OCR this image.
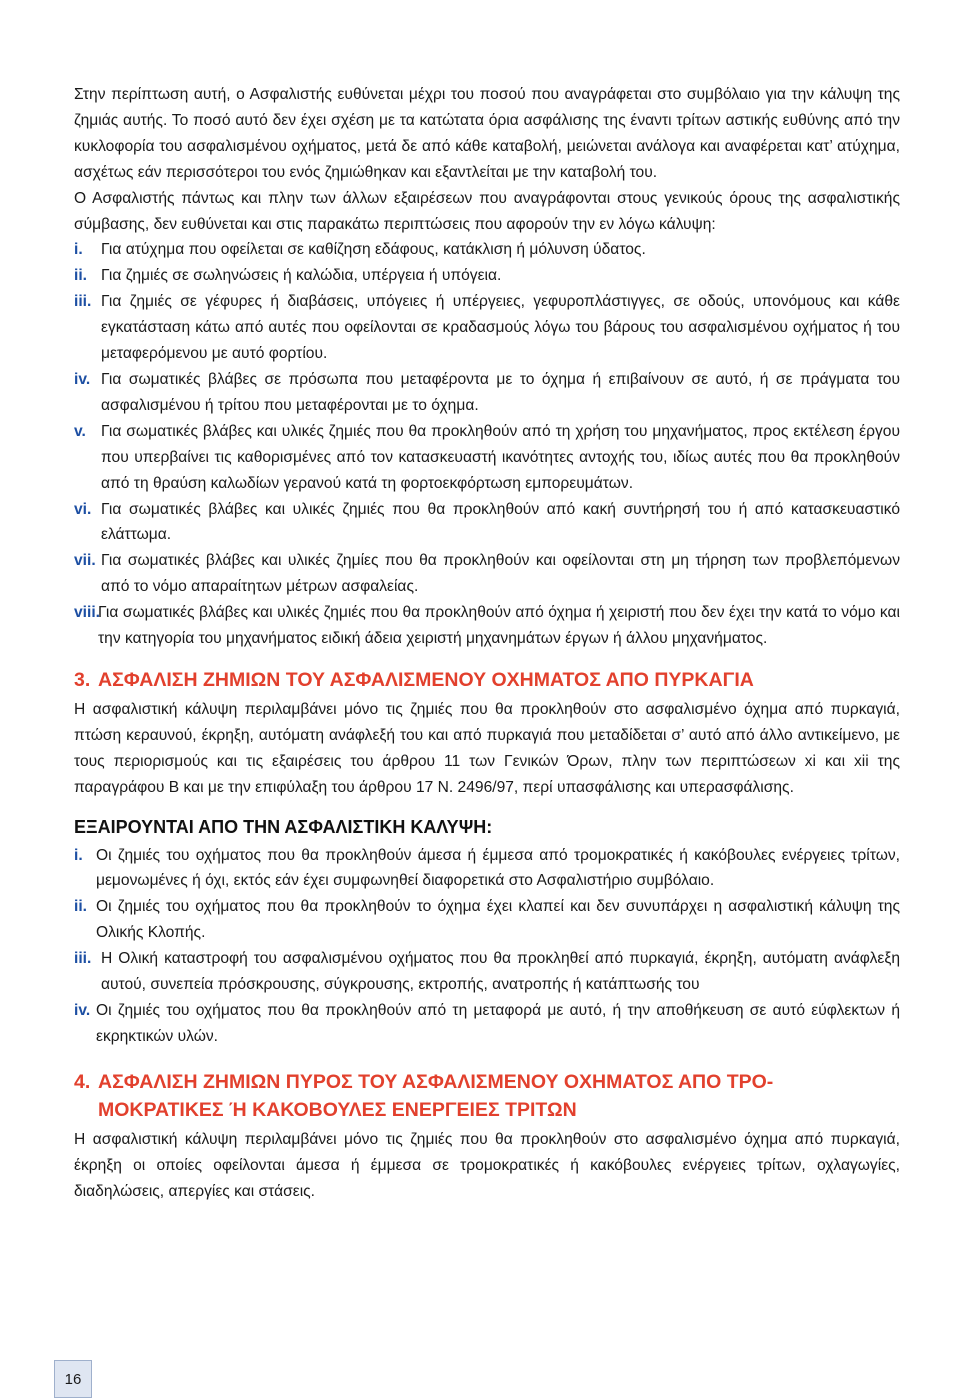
Στην περίπτωση αυτή, ο Ασφαλιστής ευθύνεται μέχρι του ποσού που αναγράφεται στο συμβόλαιο για την κάλυψη της ζημιάς αυτής. Το ποσό αυτό δεν έχει σχέση με τα κατώτατα όρια ασφάλισης της έναντι τρίτων αστικής ευθύνης από την κυκλοφορία του ασφαλισμένου οχήματος, μετά δε από κάθε καταβολή, μειώνεται ανάλογα και αναφέρεται κατ’ ατύχημα, ασχέτως εάν περισσότεροι του ενός ζημιώθηκαν και εξαντλείται με την καταβολή του.

Ο Ασφαλιστής πάντως και πλην των άλλων εξαιρέσεων που αναγράφονται στους γενικούς όρους της ασφαλιστικής σύμβασης, δεν ευθύνεται και στις παρακάτω περιπτώσεις που αφορούν την εν λόγω κάλυψη:

i. Για ατύχημα που οφείλεται σε καθίζηση εδάφους, κατάκλιση ή μόλυνση ύδατος.

ii. Για ζημιές σε σωληνώσεις ή καλώδια, υπέργεια ή υπόγεια.

iii. Για ζημιές σε γέφυρες ή διαβάσεις, υπόγειες ή υπέργειες, γεφυροπλάστιγγες, σε οδούς, υπονόμους και κάθε εγκατάσταση κάτω από αυτές που οφείλονται σε κραδασμούς λόγω του βάρους του ασφαλισμένου οχήματος ή του μεταφερόμενου με αυτό φορτίου.

iv. Για σωματικές βλάβες σε πρόσωπα που μεταφέροντα με το όχημα ή επιβαίνουν σε αυτό, ή σε πράγματα του ασφαλισμένου ή τρίτου που μεταφέρονται με το όχημα.

v. Για σωματικές βλάβες και υλικές ζημιές που θα προκληθούν από τη χρήση του μηχανήματος, προς εκτέλεση έργου που υπερβαίνει τις καθορισμένες από τον κατασκευαστή ικανότητες αντοχής του, ιδίως αυτές που θα προκληθούν από τη θραύση καλωδίων γερανού κατά τη φορτοεκφόρτωση εμπορευμάτων.

vi. Για σωματικές βλάβες και υλικές ζημιές που θα προκληθούν από κακή συντήρησή του ή από κατασκευαστικό ελάττωμα.

vii. Για σωματικές βλάβες και υλικές ζημίες που θα προκληθούν και οφείλονται στη μη τήρηση των προβλεπόμενων από το νόμο απαραίτητων μέτρων ασφαλείας.

viii.
Για σωματικές βλάβες και υλικές ζημιές που θα προκληθούν από όχημα ή χειριστή που δεν έχει την κατά το νόμο και την κατηγορία του μηχανήματος ειδική άδεια χειριστή μηχανημάτων έργων ή άλλου μηχανήματος.

3. ΑΣΦΑΛΙΣΗ ΖΗΜΙΩΝ ΤΟΥ ΑΣΦΑΛΙΣΜΕΝΟΥ ΟΧΗΜΑΤΟΣ ΑΠΟ ΠΥΡΚΑΓΙΑ

Η ασφαλιστική κάλυψη περιλαμβάνει μόνο τις ζημιές που θα προκληθούν στο ασφαλισμένο όχημα από πυρκαγιά, πτώση κεραυνού, έκρηξη, αυτόματη ανάφλεξή του και από πυρκαγιά που μεταδίδεται σ’ αυτό από άλλο αντικείμενο, με τους περιορισμούς και τις εξαιρέσεις του άρθρου 11 των Γενικών Όρων, πλην των περιπτώσεων xi και xii της παραγράφου Β και με την επιφύλαξη του άρθρου 17 Ν. 2496/97, περί υπασφάλισης και υπερασφάλισης.

ΕΞΑΙΡΟΥΝΤΑΙ ΑΠΟ ΤΗΝ ΑΣΦΑΛΙΣΤΙΚΗ ΚΑΛΥΨΗ:

i. Οι ζημιές του οχήματος που θα προκληθούν άμεσα ή έμμεσα από τρομοκρατικές ή κακόβουλες ενέργειες τρίτων, μεμονωμένες ή όχι, εκτός εάν έχει συμφωνηθεί διαφορετικά στο Ασφαλιστήριο συμβόλαιο.

ii. Οι ζημιές του οχήματος που θα προκληθούν το όχημα έχει κλαπεί και δεν συνυπάρχει η ασφαλιστική κάλυψη της Ολικής Κλοπής.

iii. Η Ολική καταστροφή του ασφαλισμένου οχήματος που θα προκληθεί από πυρκαγιά, έκρηξη, αυτόματη ανάφλεξη αυτού, συνεπεία πρόσκρουσης, σύγκρουσης, εκτροπής, ανατροπής ή κατάπτωσής του

iv. Οι ζημιές του οχήματος που θα προκληθούν από τη μεταφορά με αυτό, ή την αποθήκευση σε αυτό εύφλεκτων ή εκρηκτικών υλών.

4. ΑΣΦΑΛΙΣΗ ΖΗΜΙΩΝ ΠΥΡΟΣ ΤΟΥ ΑΣΦΑΛΙΣΜΕΝΟΥ ΟΧΗΜΑΤΟΣ ΑΠΟ ΤΡΟ-
ΜΟΚΡΑΤΙΚΕΣ Ή ΚΑΚΟΒΟΥΛΕΣ ΕΝΕΡΓΕΙΕΣ ΤΡΙΤΩΝ

Η ασφαλιστική κάλυψη περιλαμβάνει μόνο τις ζημιές που θα προκληθούν στο ασφαλισμένο όχημα από πυρκαγιά, έκρηξη οι οποίες οφείλονται άμεσα ή έμμεσα σε τρομοκρατικές ή κακόβουλες ενέργειες τρίτων, οχλαγωγίες, διαδηλώσεις, απεργίες και στάσεις.

16
